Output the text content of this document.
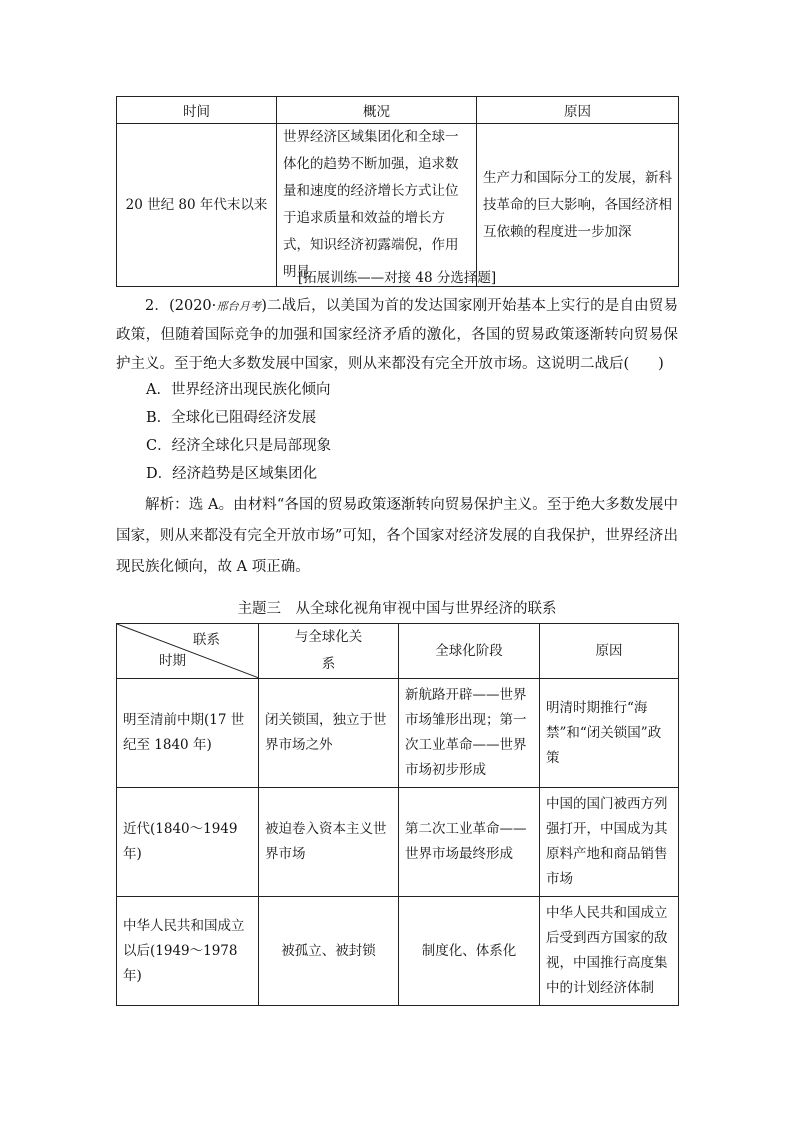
时间	概况	原因
20 世纪 80 年代末以来	世界经济区域集团化和全球一体化的趋势不断加强，追求数量和速度的经济增长方式让位于追求质量和效益的增长方式，知识经济初露端倪，作用明显	生产力和国际分工的发展，新科技革命的巨大影响，各国经济相互依赖的程度进一步加深
[拓展训练——对接 48 分选择题]
2．(2020·邢台月考)二战后，以美国为首的发达国家刚开始基本上实行的是自由贸易政策，但随着国际竞争的加强和国家经济矛盾的激化，各国的贸易政策逐渐转向贸易保护主义。至于绝大多数发展中国家，则从来都没有完全开放市场。这说明二战后(　　)
A．世界经济出现民族化倾向
B．全球化已阻碍经济发展
C．经济全球化只是局部现象
D．经济趋势是区域集团化
解析：选 A。由材料“各国的贸易政策逐渐转向贸易保护主义。至于绝大多数发展中国家，则从来都没有完全开放市场”可知，各个国家对经济发展的自我保护，世界经济出现民族化倾向，故 A 项正确。
主题三　从全球化视角审视中国与世界经济的联系
联系
时期	与全球化关系	全球化阶段	原因
明至清前中期(17 世纪至 1840 年)	闭关锁国，独立于世界市场之外	新航路开辟——世界市场雏形出现；第一次工业革命——世界市场初步形成	明清时期推行“海禁”和“闭关锁国”政策
近代(1840～1949 年)	被迫卷入资本主义世界市场	第二次工业革命——世界市场最终形成	中国的国门被西方列强打开，中国成为其原料产地和商品销售市场
中华人民共和国成立以后(1949～1978 年)	被孤立、被封锁	制度化、体系化	中华人民共和国成立后受到西方国家的敌视，中国推行高度集中的计划经济体制
